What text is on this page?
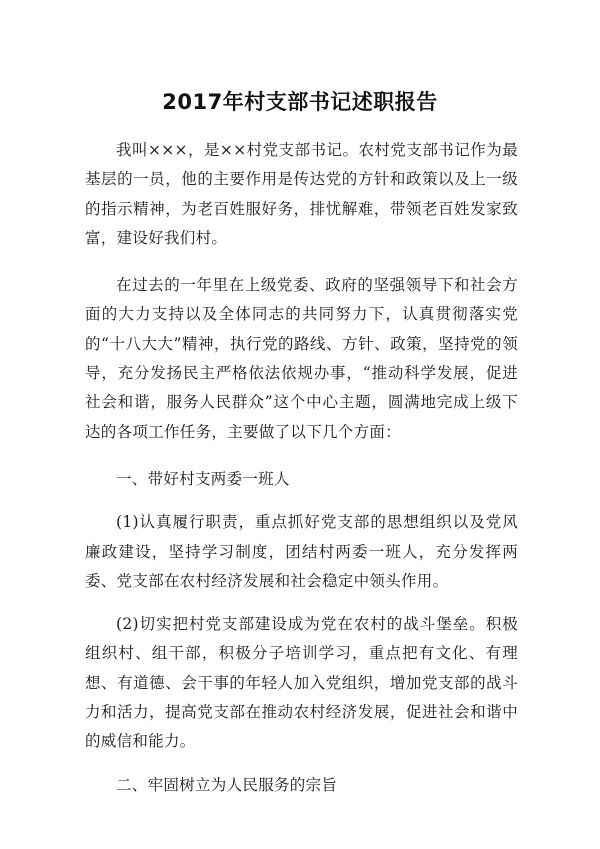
2017年村支部书记述职报告

我叫×××，是××村党支部书记。农村党支部书记作为最基层的一员，他的主要作用是传达党的方针和政策以及上一级的指示精神，为老百姓服好务，排忧解难，带领老百姓发家致富，建设好我们村。

在过去的一年里在上级党委、政府的坚强领导下和社会方面的大力支持以及全体同志的共同努力下，认真贯彻落实党的“十八大大”精神，执行党的路线、方针、政策，坚持党的领导，充分发扬民主严格依法依规办事，“推动科学发展，促进社会和谐，服务人民群众”这个中心主题，圆满地完成上级下达的各项工作任务，主要做了以下几个方面：

一、带好村支两委一班人

(1)认真履行职责，重点抓好党支部的思想组织以及党风廉政建设，坚持学习制度，团结村两委一班人，充分发挥两委、党支部在农村经济发展和社会稳定中领头作用。

(2)切实把村党支部建设成为党在农村的战斗堡垒。积极组织村、组干部，积极分子培训学习，重点把有文化、有理想、有道德、会干事的年轻人加入党组织，增加党支部的战斗力和活力，提高党支部在推动农村经济发展，促进社会和谐中的威信和能力。

二、牢固树立为人民服务的宗旨
